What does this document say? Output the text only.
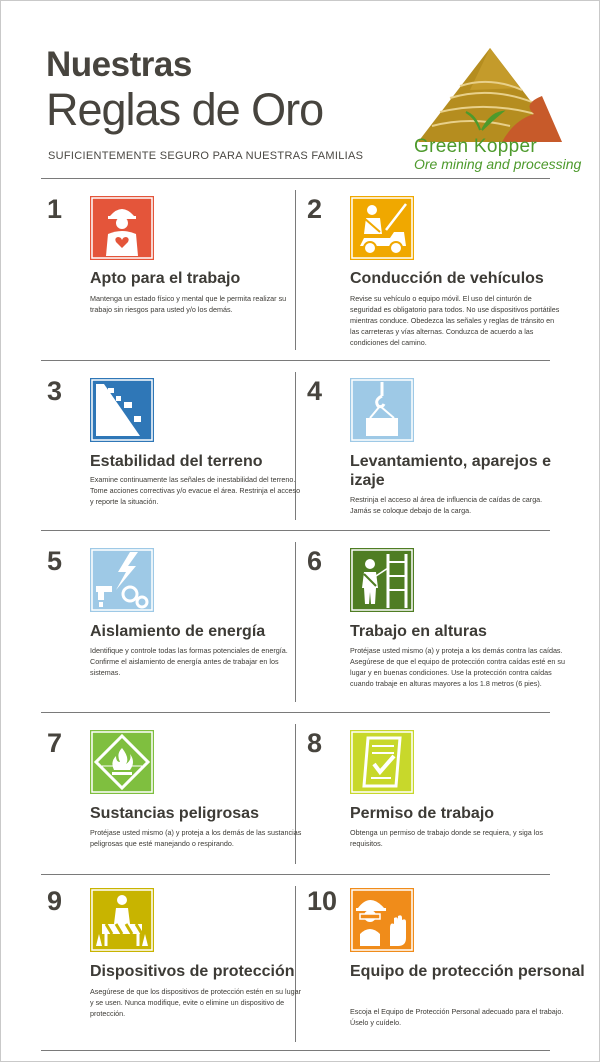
Nuestras
Reglas de Oro
SUFICIENTEMENTE SEGURO PARA NUESTRAS FAMILIAS	Green Kopper
Ore mining and processing
1
Apto para el trabajo
Mantenga un estado físico y mental que le permita realizar su trabajo sin riesgos para usted y/o los demás.
2
Conducción de vehículos
Revise su vehículo o equipo móvil. El uso del cinturón de seguridad es obligatorio para todos. No use dispositivos portátiles mientras conduce. Obedezca las señales y reglas de tránsito en las carreteras y vías alternas. Conduzca de acuerdo a las condiciones del camino.
3
Estabilidad del terreno
Examine continuamente las señales de inestabilidad del terreno. Tome acciones correctivas y/o evacue el área. Restrinja el acceso y reporte la situación.
4
Levantamiento, aparejos e izaje
Restrinja el acceso al área de influencia de caídas de carga. Jamás se coloque debajo de la carga.
5
Aislamiento de energía
Identifique y controle todas las formas potenciales de energía. Confirme el aislamiento de energía antes de trabajar en los sistemas.
6
Trabajo en alturas
Protéjase usted mismo (a) y proteja a los demás contra las caídas. Asegúrese de que el equipo de protección contra caídas esté en su lugar y en buenas condiciones. Use la protección contra caídas cuando trabaje en alturas mayores a los 1.8 metros (6 pies).
7
Sustancias peligrosas
Protéjase usted mismo (a) y proteja a los demás de las sustancias peligrosas que esté manejando o respirando.
8
Permiso de trabajo
Obtenga un permiso de trabajo donde se requiera, y siga los requisitos.
9
Dispositivos de protección
Asegúrese de que los dispositivos de protección estén en su lugar y se usen. Nunca modifique, evite o elimine un dispositivo de protección.
10
Equipo de protección personal
Escoja el Equipo de Protección Personal adecuado para el trabajo. Úselo y cuídelo.
